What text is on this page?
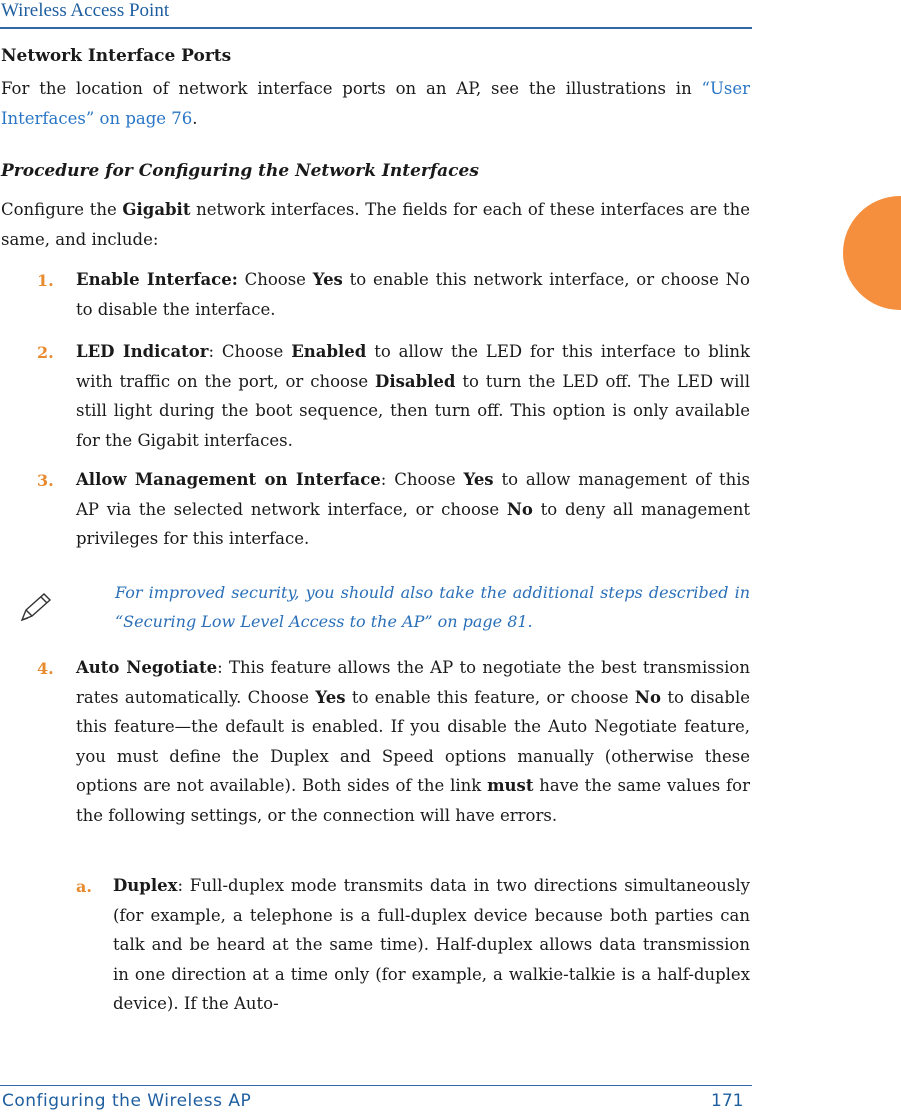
Wireless Access Point
Network Interface Ports
For the location of network interface ports on an AP, see the illustrations in “User Interfaces” on page 76.
Procedure for Configuring the Network Interfaces
Configure the Gigabit network interfaces. The fields for each of these interfaces are the same, and include:
1. Enable Interface: Choose Yes to enable this network interface, or choose No to disable the interface.
2. LED Indicator: Choose Enabled to allow the LED for this interface to blink with traffic on the port, or choose Disabled to turn the LED off. The LED will still light during the boot sequence, then turn off. This option is only available for the Gigabit interfaces.
3. Allow Management on Interface: Choose Yes to allow management of this AP via the selected network interface, or choose No to deny all management privileges for this interface.
For improved security, you should also take the additional steps described in “Securing Low Level Access to the AP” on page 81.
4. Auto Negotiate: This feature allows the AP to negotiate the best transmission rates automatically. Choose Yes to enable this feature, or choose No to disable this feature—the default is enabled. If you disable the Auto Negotiate feature, you must define the Duplex and Speed options manually (otherwise these options are not available). Both sides of the link must have the same values for the following settings, or the connection will have errors.
a. Duplex: Full-duplex mode transmits data in two directions simultaneously (for example, a telephone is a full-duplex device because both parties can talk and be heard at the same time). Half-duplex allows data transmission in one direction at a time only (for example, a walkie-talkie is a half-duplex device). If the Auto-
Configuring the Wireless AP	171
